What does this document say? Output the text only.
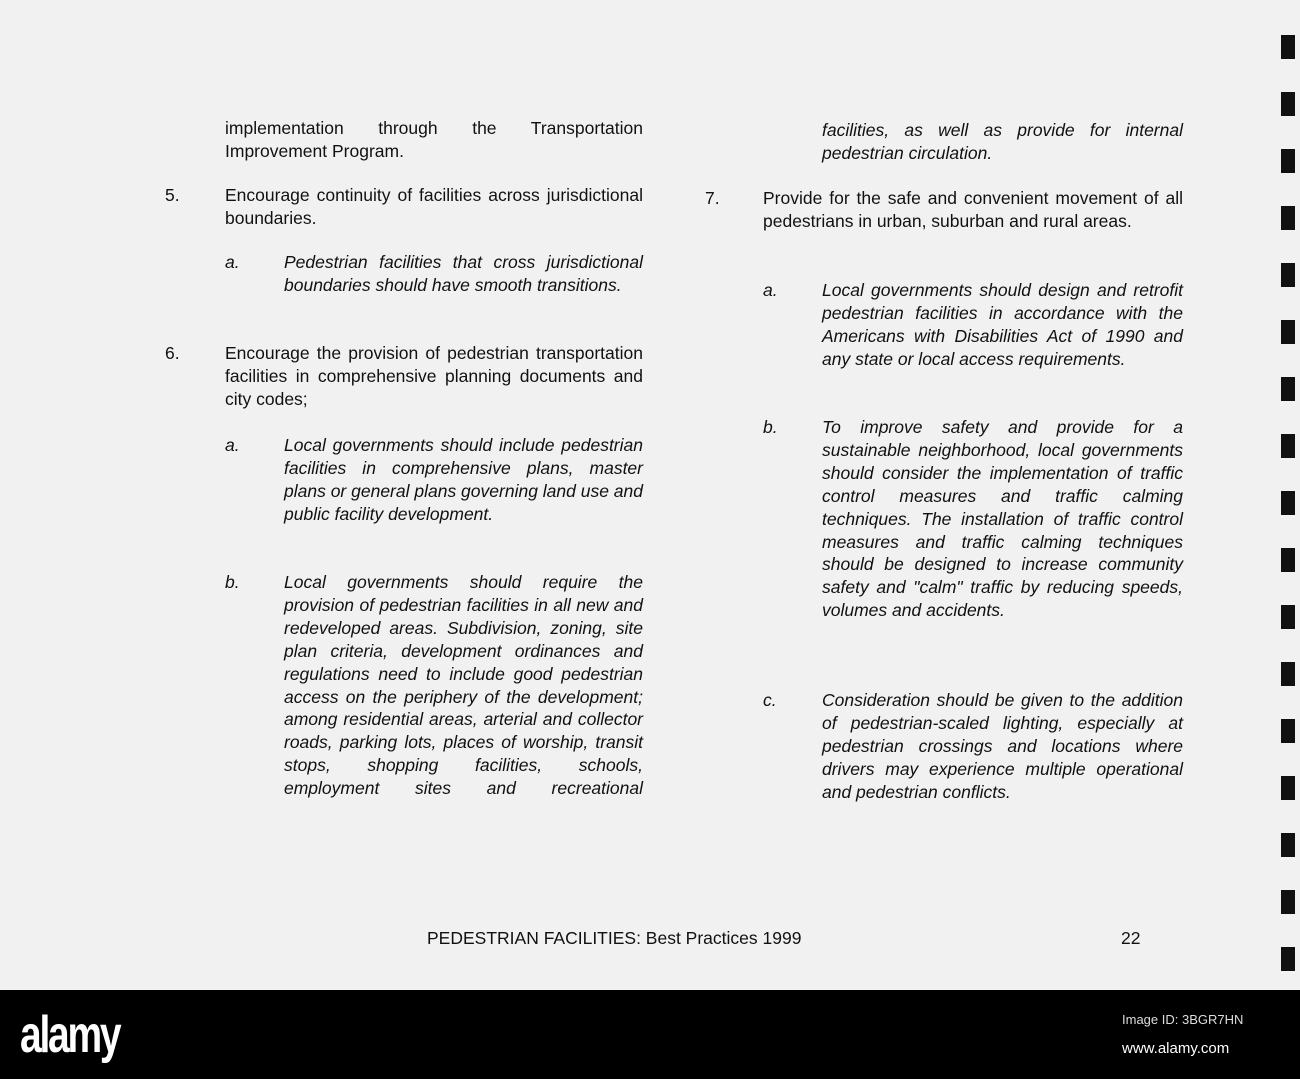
implementation through the Transportation Improvement Program.
5.	Encourage continuity of facilities across jurisdictional boundaries.
a.	Pedestrian facilities that cross jurisdictional boundaries should have smooth transitions.
6.	Encourage the provision of pedestrian transportation facilities in comprehensive planning documents and city codes;
a.	Local governments should include pedestrian facilities in comprehensive plans, master plans or general plans governing land use and public facility development.
b.	Local governments should require the provision of pedestrian facilities in all new and redeveloped areas. Subdivision, zoning, site plan criteria, development ordinances and regulations need to include good pedestrian access on the periphery of the development; among residential areas, arterial and collector roads, parking lots, places of worship, transit stops, shopping facilities, schools, employment sites and recreational
facilities, as well as provide for internal pedestrian circulation.
7. Provide for the safe and convenient movement of all pedestrians in urban, suburban and rural areas.
a.	Local governments should design and retrofit pedestrian facilities in accordance with the Americans with Disabilities Act of 1990 and any state or local access requirements.
b.	To improve safety and provide for a sustainable neighborhood, local governments should consider the implementation of traffic control measures and traffic calming techniques. The installation of traffic control measures and traffic calming techniques should be designed to increase community safety and "calm" traffic by reducing speeds, volumes and accidents.
c.	Consideration should be given to the addition of pedestrian-scaled lighting, especially at pedestrian crossings and locations where drivers may experience multiple operational and pedestrian conflicts.
PEDESTRIAN FACILITIES: Best Practices 1999	22
alamy	Image ID: 3BGR7HN
www.alamy.com
